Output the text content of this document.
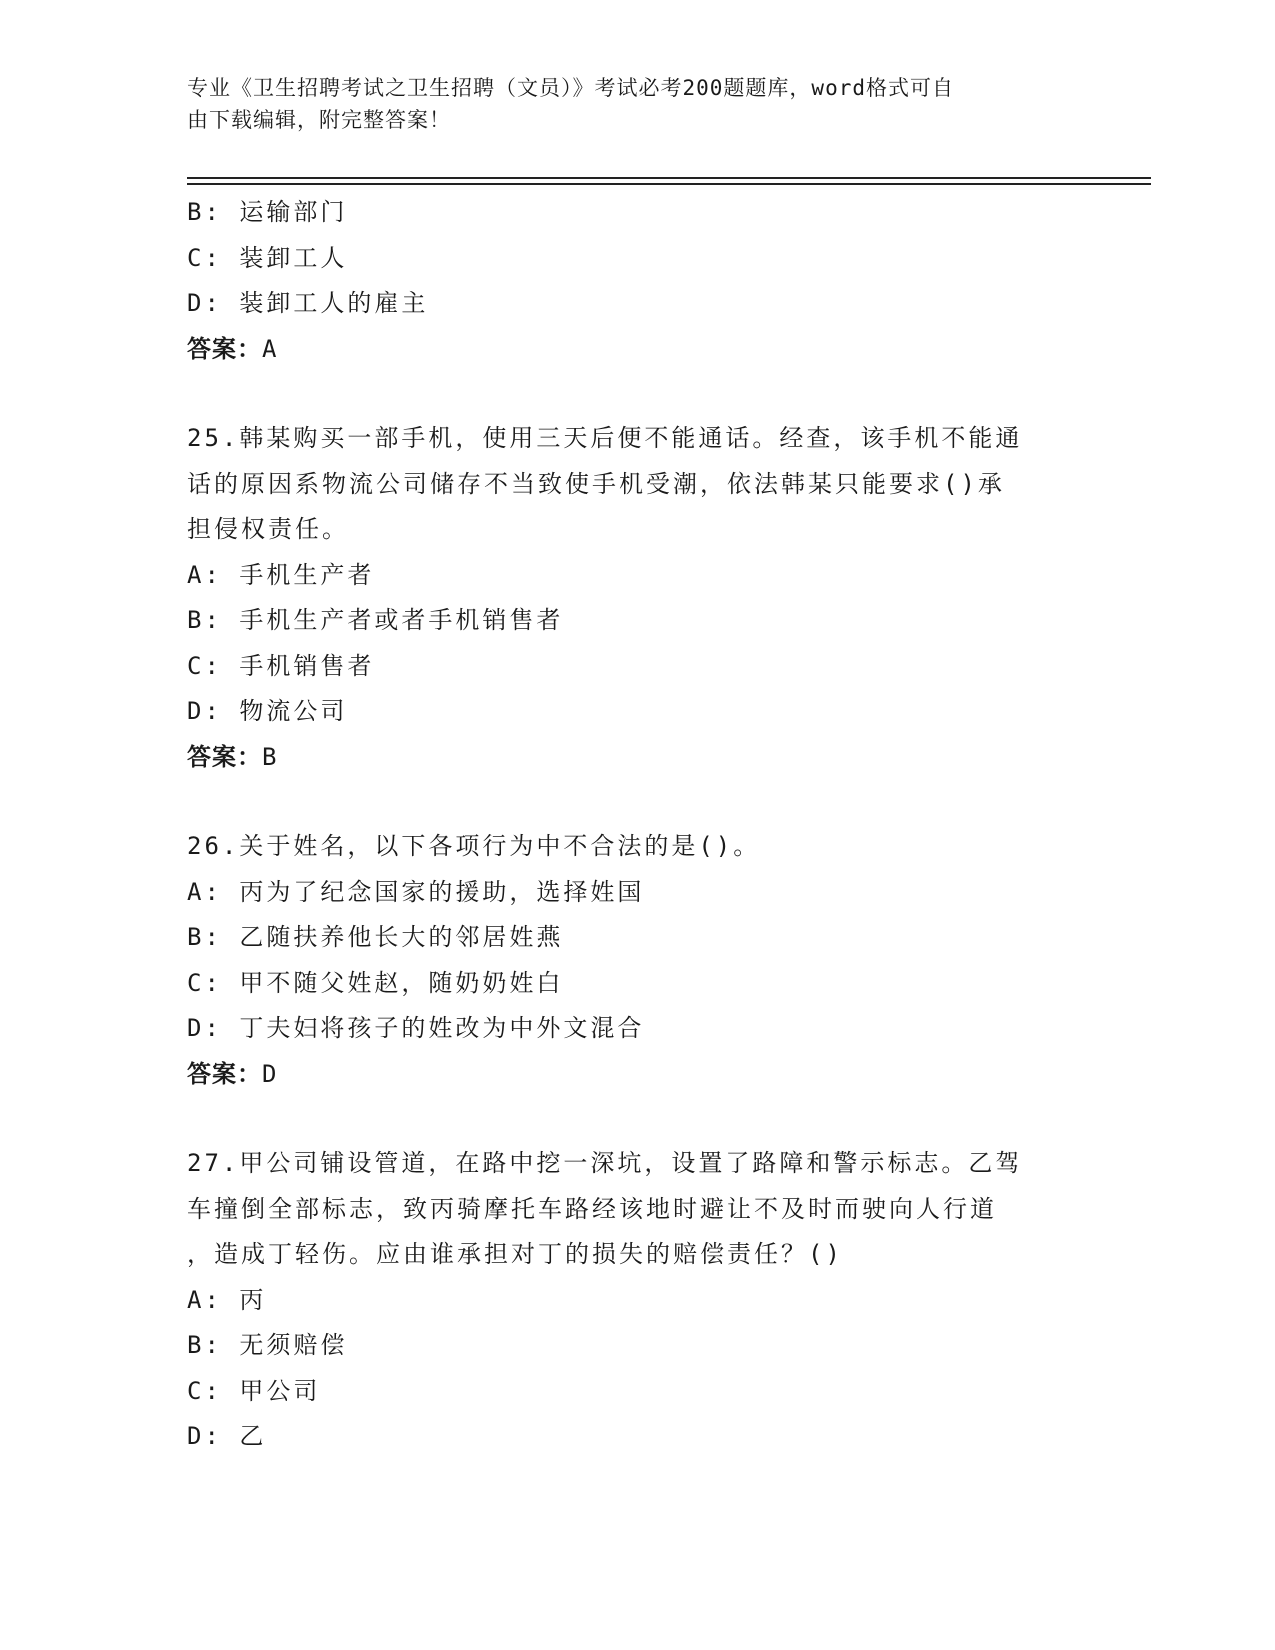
专业《卫生招聘考试之卫生招聘（文员）》考试必考200题题库，word格式可自
由下载编辑，附完整答案！
B: 运输部门
C: 装卸工人
D: 装卸工人的雇主
答案：A
25.韩某购买一部手机，使用三天后便不能通话。经查，该手机不能通
话的原因系物流公司储存不当致使手机受潮，依法韩某只能要求()承
担侵权责任。
A: 手机生产者
B: 手机生产者或者手机销售者
C: 手机销售者
D: 物流公司
答案：B
26.关于姓名，以下各项行为中不合法的是()。
A: 丙为了纪念国家的援助，选择姓国
B: 乙随扶养他长大的邻居姓燕
C: 甲不随父姓赵，随奶奶姓白
D: 丁夫妇将孩子的姓改为中外文混合
答案：D
27.甲公司铺设管道，在路中挖一深坑，设置了路障和警示标志。乙驾
车撞倒全部标志，致丙骑摩托车路经该地时避让不及时而驶向人行道
，造成丁轻伤。应由谁承担对丁的损失的赔偿责任？()
A: 丙
B: 无须赔偿
C: 甲公司
D: 乙
